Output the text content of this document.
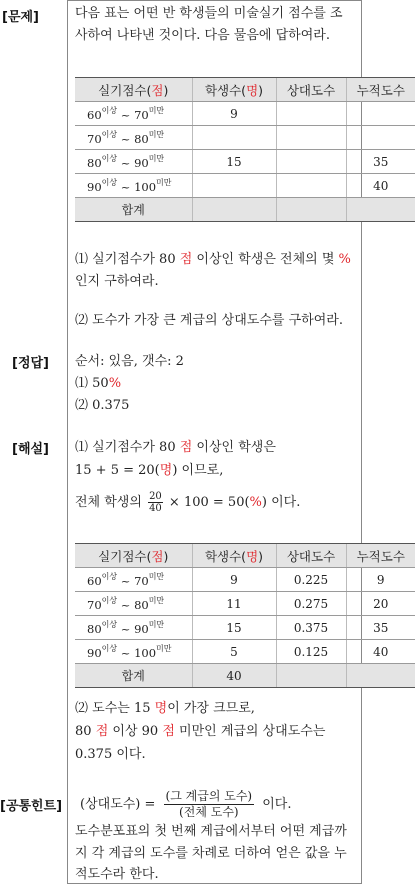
[문제]
[정답]
[해설]
[공통힌트]
다음 표는 어떤 반 학생들의 미술실기 점수를 조
사하여 나타낸 것이다. 다음 물음에 답하여라.
실기점수(점)	학생수(명)	상대도수	누적도수
$60^{이상}$ ~ $70^{미만}$	9		
$70^{이상}$ ~ $80^{미만}$			
$80^{이상}$ ~ $90^{미만}$	15		35
$90^{이상}$ ~ $100^{미만}$			40
합계			
⑴ 실기점수가 80 점 이상인 학생은 전체의 몇 %
인지 구하여라.
⑵ 도수가 가장 큰 계급의 상대도수를 구하여라.
순서: 있음, 갯수: 2
⑴ 50%
⑵ 0.375
⑴ 실기점수가 80 점 이상인 학생은
15 + 5 = 20(명) 이므로,
전체 학생의 $\frac{20}{40} \times 100 = 50(\%)$ 이다.
실기점수(점)	학생수(명)	상대도수	누적도수
$60^{이상}$ ~ $70^{미만}$	9	0.225	9
$70^{이상}$ ~ $80^{미만}$	11	0.275	20
$80^{이상}$ ~ $90^{미만}$	15	0.375	35
$90^{이상}$ ~ $100^{미만}$	5	0.125	40
합계	40		
⑵ 도수는 15 명이 가장 크므로,
80 점 이상 90 점 미만인 계급의 상대도수는
0.375 이다.
(상대도수) =
(그 계급의 도수)
(전체 도수)	이다.
도수분포표의 첫 번째 계급에서부터 어떤 계급까
지 각 계급의 도수를 차례로 더하여 얻은 값을 누
적도수라 한다.
